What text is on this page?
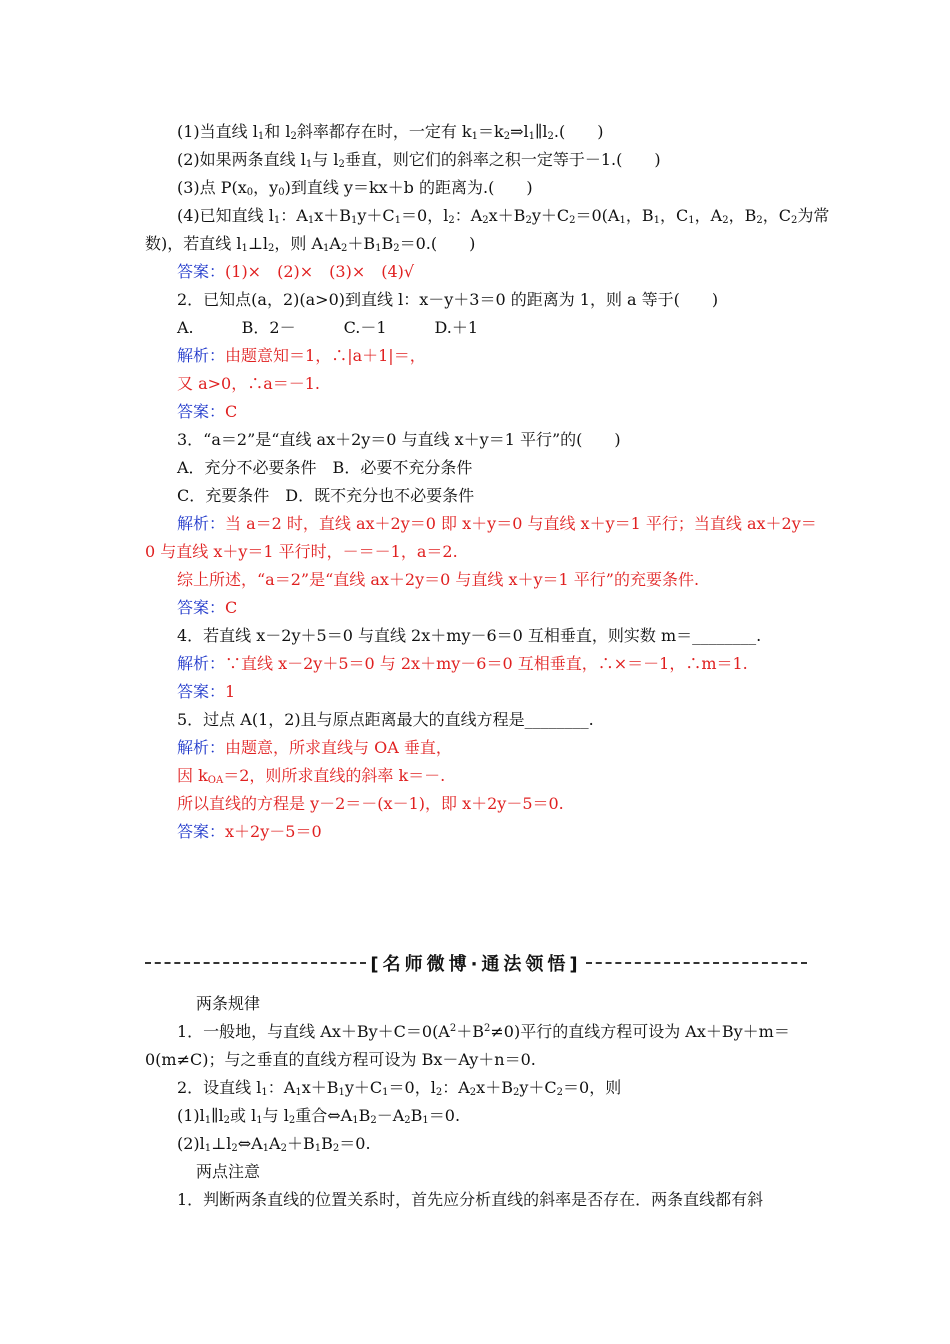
(1)当直线 $l_1$和 $l_2$斜率都存在时，一定有 $k_1=k_2\Rightarrow l_1\parallel l_2$.(　　)
(2)如果两条直线 $l_1$与 $l_2$垂直，则它们的斜率之积一定等于－1.(　　)
(3)点 $P(x_0$，$y_0$)到直线 y＝kx＋b 的距离为.(　　)
(4)已知直线 $l_1$：$A_1x+B_1y+C_1=0$，$l_2$：$A_2x+B_2y+C_2=0(A_1$，$B_1$，$C_1$，$A_2$，$B_2$，$C_2$为常
数)，若直线 $l_1\perp l_2$，则 $A_1A_2+B_1B_2=0$.(　　)
答案：(1)×　(2)×　(3)×　(4)√
2．已知点(a，2)(a>0)到直线 l：x－y＋3＝0 的距离为 1，则 a 等于(　　)
A.　　　B．2－　　　C.－1　　　D.＋1
解析：由题意知＝1，∴|a＋1|＝，
又 a>0，∴a＝－1.
答案：C
3．“a＝2”是“直线 ax＋2y＝0 与直线 x＋y＝1 平行”的(　　)
A．充分不必要条件　B．必要不充分条件
C．充要条件　D．既不充分也不必要条件
解析：当 a＝2 时，直线 ax＋2y＝0 即 x＋y＝0 与直线 x＋y＝1 平行；当直线 ax＋2y＝
0 与直线 x＋y＝1 平行时，－＝－1，a＝2.
综上所述，“a＝2”是“直线 ax＋2y＝0 与直线 x＋y＝1 平行”的充要条件.
答案：C
4．若直线 x－2y＋5＝0 与直线 2x＋my－6＝0 互相垂直，则实数 m＝________.
解析：∵直线 x－2y＋5＝0 与 2x＋my－6＝0 互相垂直，∴×＝－1，∴m＝1.
答案：1
5．过点 A(1，2)且与原点距离最大的直线方程是________.
解析：由题意，所求直线与 OA 垂直，
因 $k_{OA}=2$，则所求直线的斜率 k＝－.
所以直线的方程是 y－2＝－(x－1)，即 x＋2y－5＝0.
答案：x＋2y－5＝0
[名师微博·通法领悟]
两条规律
1．一般地，与直线 $Ax+By+C=0(A^2+B^2\ne 0)$平行的直线方程可设为 Ax＋By＋m＝
0(m≠C)；与之垂直的直线方程可设为 Bx－Ay＋n＝0.
2．设直线 $l_1$：$A_1x+B_1y+C_1=0$，$l_2$：$A_2x+B_2y+C_2=0$，则
$(1)l_1\parallel l_2$或 $l_1$与 $l_2$重合$\Leftrightarrow A_1B_2-A_2B_1=0$.
$(2)l_1\perp l_2\Leftrightarrow A_1A_2+B_1B_2=0$.
两点注意
1．判断两条直线的位置关系时，首先应分析直线的斜率是否存在．两条直线都有斜
